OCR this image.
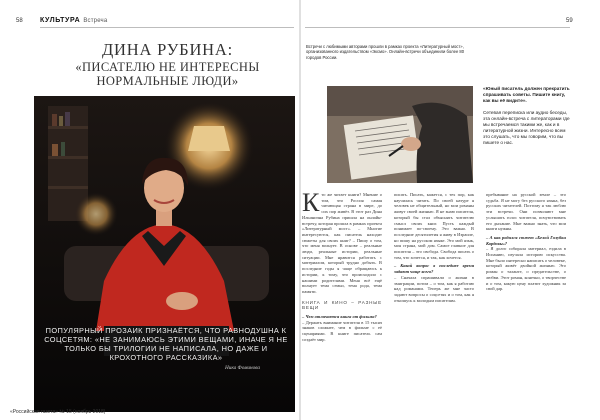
58 КУЛЬТУРА Встреча	59
ДИНА РУБИНА:
«ПИСАТЕЛЮ НЕ ИНТЕРЕСНЫ НОРМАЛЬНЫЕ ЛЮДИ»
Встречи с любимыми авторами прошли в рамках проекта «Литературный мост», организованного издательством «Эксмо». Онлайн-встречи объединили более 80 городов России.
ПОПУЛЯРНЫЙ ПРОЗАИК ПРИЗНАЁТСЯ, ЧТО РАВНОДУШНА К СОЦСЕТЯМ: «НЕ ЗАНИМАЮСЬ ЭТИМИ ВЕЩАМИ, ИНАЧЕ Я НЕ ТОЛЬКО БЫ ТРИЛОГИИ НЕ НАПИСАЛА, НО ДАЖЕ И КРОХОТНОГО РАССКАЗИКА»
Ника Фоминова
«Юный писатель должен прекратить спрашивать советы. Пишите книгу, как вы её видите».
Сетевая переписка или аудио беседы, эта онлайн-встреча с литераторами где мы встречаемся такими же, как и в литературной жизни. Интересно всем это слушать, что мы говорим, что вы пишете о нас.
К то же читает книги? Мнение о том, что Россия самая читающая страна в мире, до сих пор живёт. В этот раз Дина Ильинична Рубина пришла на онлайн-встречу, которая прошла в рамках проекта «Литературный мост». – Многие интересуются, как писатель находит сюжеты для своих книг? – Пишу о том, что меня волнует. В основе – реальные люди, реальные истории, реальные ситуации. Мне нравится работать с материалом, который трудно добыть. В последние годы я чаще обращаюсь к истории, к тому, что происходило с нашими родителями. Меня всё ещё волнует тема семьи, тема рода, тема памяти.

КНИГА И КИНО – РАЗНЫЕ ВЕЩИ

– Чем отличается книга от фильма?

– Держать внимание читателя в 15 тысяч знаков сложнее, чем в фильме с её сценариями. В книге писатель сам создаёт мир.

писать. Писать, кажется, с тех пор, как научилась читать. По своей натуре я человек не общительный, но мои романы живут своей жизнью. Я не знаю писателя, который бы стал объяснять читателю смысл своих книг. Пусть каждый понимает по-своему. Это важно. В последние десятилетия я живу в Израиле, но пишу на русском языке. Это мой язык, моя страна, мой дом. Самое главное для писателя – это свобода. Свобода писать о том, что хочется, и так, как хочется.

– Какой вопрос в последнее время задают чаще всего?

– Сначала спрашивали о жизни в эмиграции, потом – о том, как я работаю над романами. Теперь же мне часто задают вопросы о соцсетях и о том, как я отношусь к молодым писателям.

пребывание на русской земле – это судьба. Я не могу без русского языка, без русских читателей. Поэтому я так люблю эти встречи. Они позволяют мне услышать голос читателя, почувствовать его дыхание. Мне важно знать, что мои книги нужны.

– А как родился сюжет «Белой Голубки Кордовы»?

– Я долго собирала материал, ездила в Испанию, изучала историю искусства. Мне было интересно написать о человеке, который живёт двойной жизнью. Это роман о таланте, о предательстве, о любви. Этот роман, конечно, о творчестве и о том, какую цену платит художник за свой дар.

«Российская газета» № 15 (ноябрь 2018)
